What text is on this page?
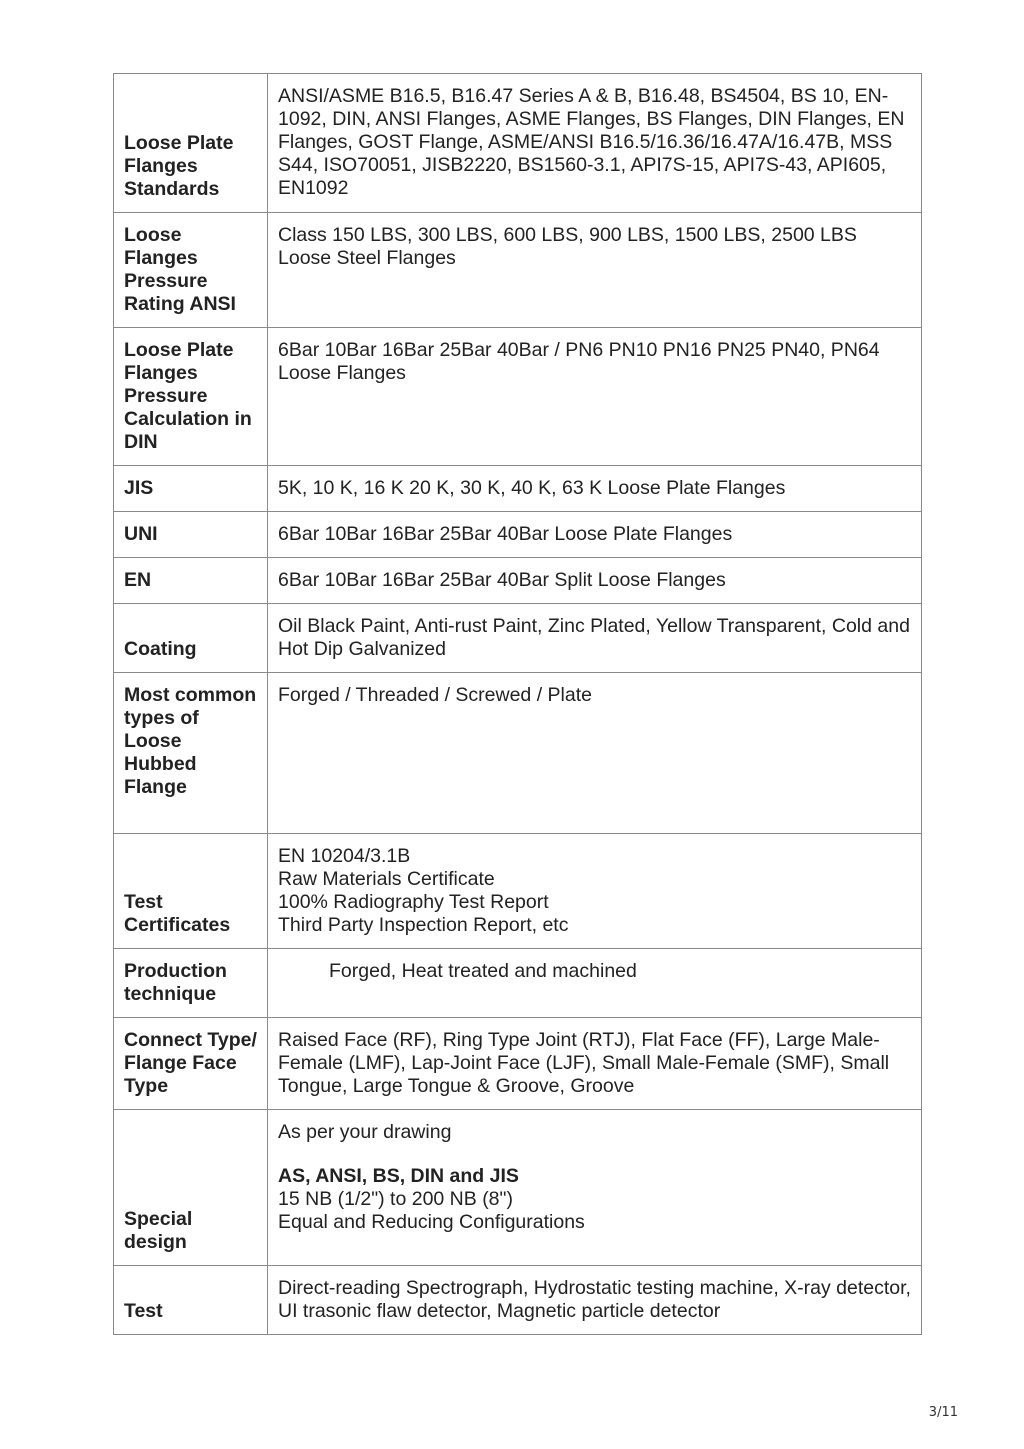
Loose Plate Flanges Standards	ANSI/ASME B16.5, B16.47 Series A & B, B16.48, BS4504, BS 10, EN-1092, DIN, ANSI Flanges, ASME Flanges, BS Flanges, DIN Flanges, EN Flanges, GOST Flange, ASME/ANSI B16.5/16.36/16.47A/16.47B, MSS S44, ISO70051, JISB2220, BS1560-3.1, API7S-15, API7S-43, API605, EN1092
Loose Flanges Pressure Rating ANSI	Class 150 LBS, 300 LBS, 600 LBS, 900 LBS, 1500 LBS, 2500 LBS Loose Steel Flanges
Loose Plate Flanges Pressure Calculation in DIN	6Bar 10Bar 16Bar 25Bar 40Bar / PN6 PN10 PN16 PN25 PN40, PN64 Loose Flanges
JIS	5K, 10 K, 16 K 20 K, 30 K, 40 K, 63 K Loose Plate Flanges
UNI	6Bar 10Bar 16Bar 25Bar 40Bar Loose Plate Flanges
EN	6Bar 10Bar 16Bar 25Bar 40Bar Split Loose Flanges
Coating	Oil Black Paint, Anti-rust Paint, Zinc Plated, Yellow Transparent, Cold and Hot Dip Galvanized
Most common types of Loose Hubbed Flange	Forged / Threaded / Screwed / Plate
Test Certificates	EN 10204/3.1B
Raw Materials Certificate
100% Radiography Test Report
Third Party Inspection Report, etc

Production technique	Forged, Heat treated and machined

Connect Type/ Flange Face Type	Raised Face (RF), Ring Type Joint (RTJ), Flat Face (FF), Large Male-Female (LMF), Lap-Joint Face (LJF), Small Male-Female (SMF), Small Tongue, Large Tongue & Groove, Groove
Special design	As per your drawing
AS, ANSI, BS, DIN and JIS
15 NB (1/2") to 200 NB (8")
Equal and Reducing Configurations

Test	Direct-reading Spectrograph, Hydrostatic testing machine, X-ray detector, UI trasonic flaw detector, Magnetic particle detector
3/11
